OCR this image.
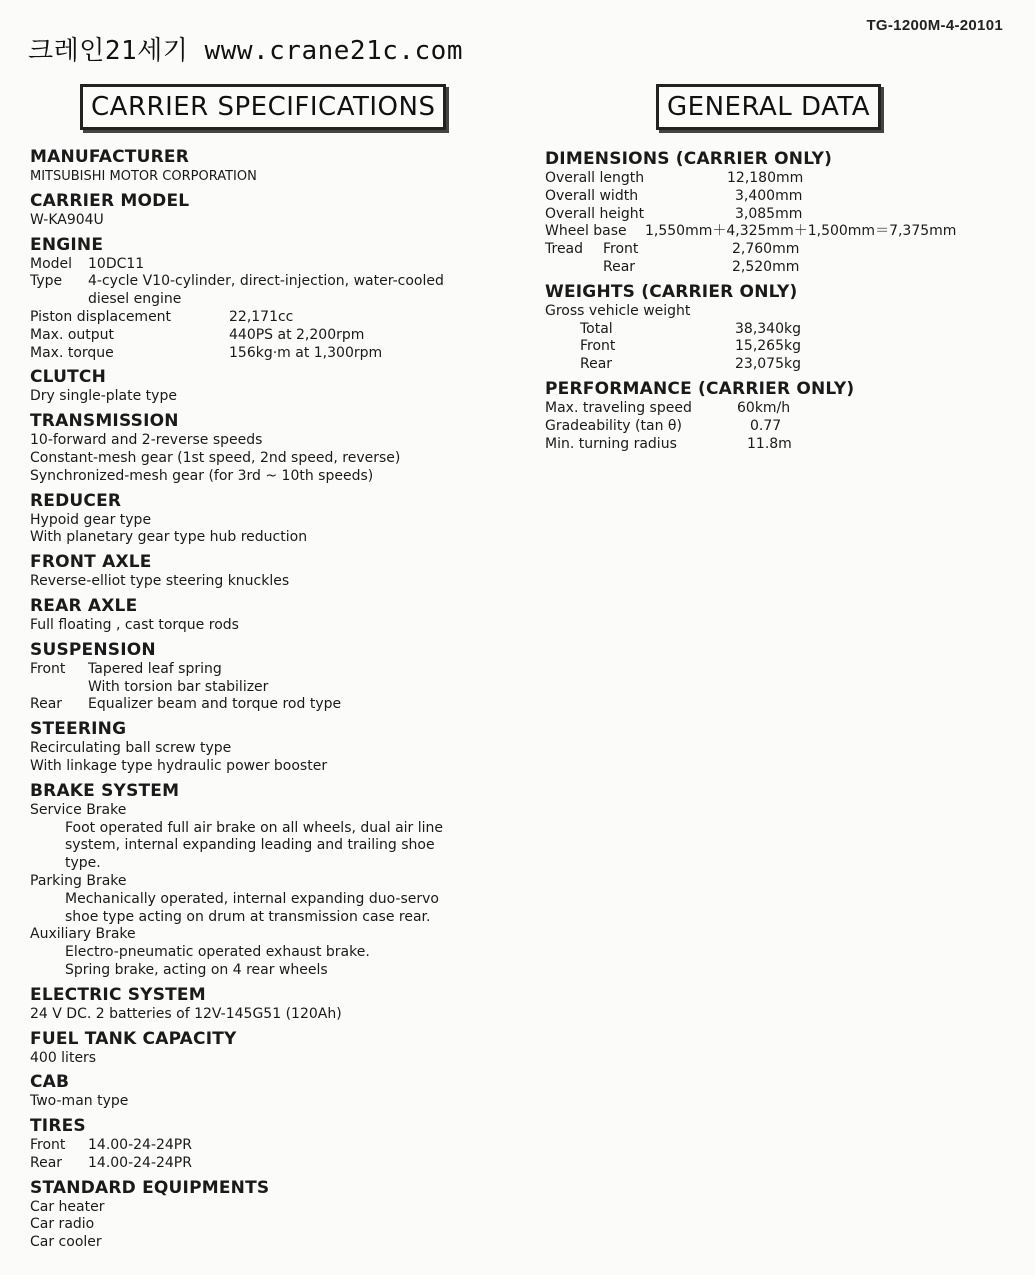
TG-1200M-4-20101
크레인21세기 www.crane21c.com
CARRIER SPECIFICATIONS	GENERAL DATA
MANUFACTURER
MITSUBISHI MOTOR CORPORATION
CARRIER MODEL
W-KA904U
ENGINE
Model	10DC11
Type	4-cycle V10-cylinder, direct-injection, water-cooled
diesel engine
Piston displacement	22,171cc
Max. output	440PS at 2,200rpm
Max. torque	156kg·m at 1,300rpm
CLUTCH
Dry single-plate type
TRANSMISSION
10-forward and 2-reverse speeds
Constant-mesh gear (1st speed, 2nd speed, reverse)
Synchronized-mesh gear (for 3rd ~ 10th speeds)
REDUCER
Hypoid gear type
With planetary gear type hub reduction
FRONT AXLE
Reverse-elliot type steering knuckles
REAR AXLE
Full floating , cast torque rods
SUSPENSION
Front	Tapered leaf spring
With torsion bar stabilizer
Rear	Equalizer beam and torque rod type
STEERING
Recirculating ball screw type
With linkage type hydraulic power booster
BRAKE SYSTEM
Service Brake
Foot operated full air brake on all wheels, dual air line
system, internal expanding leading and trailing shoe
type.
Parking Brake
Mechanically operated, internal expanding duo-servo
shoe type acting on drum at transmission case rear.
Auxiliary Brake
Electro-pneumatic operated exhaust brake.
Spring brake, acting on 4 rear wheels
ELECTRIC SYSTEM
24 V DC. 2 batteries of 12V-145G51 (120Ah)
FUEL TANK CAPACITY
400 liters
CAB
Two-man type
TIRES
Front	14.00-24-24PR
Rear	14.00-24-24PR
STANDARD EQUIPMENTS
Car heater
Car radio
Car cooler
DIMENSIONS (CARRIER ONLY)
Overall length	12,180mm
Overall width	3,400mm
Overall height	3,085mm
Wheel base	1,550mm＋4,325mm＋1,500mm＝7,375mm
Tread	Front	2,760mm
Rear	2,520mm
WEIGHTS (CARRIER ONLY)
Gross vehicle weight
Total	38,340kg
Front	15,265kg
Rear	23,075kg
PERFORMANCE (CARRIER ONLY)
Max. traveling speed	60km/h
Gradeability (tan θ)	0.77
Min. turning radius	11.8m
